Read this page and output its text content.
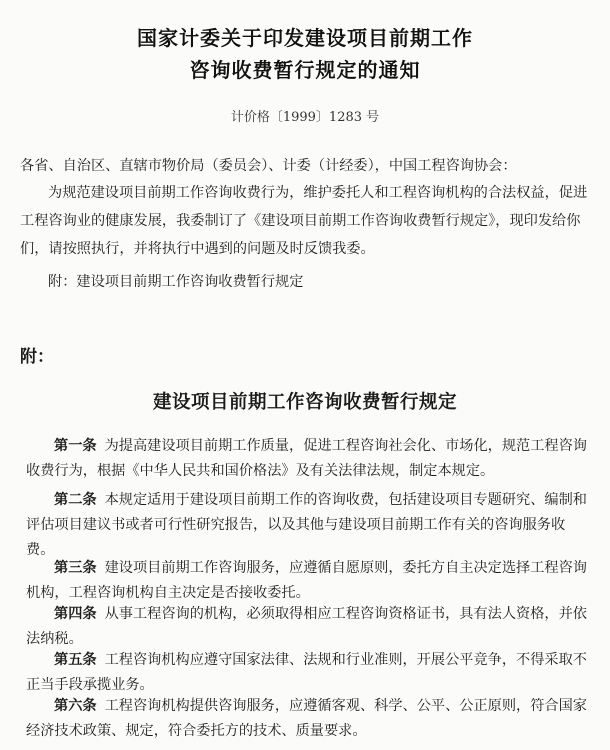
国家计委关于印发建设项目前期工作
咨询收费暂行规定的通知
计价格〔1999〕1283 号
各省、自治区、直辖市物价局（委员会）、计委（计经委），中国工程咨询协会：
为规范建设项目前期工作咨询收费行为，维护委托人和工程咨询机构的合法权益，促进工程咨询业的健康发展，我委制订了《建设项目前期工作咨询收费暂行规定》，现印发给你们，请按照执行，并将执行中遇到的问题及时反馈我委。
附：建设项目前期工作咨询收费暂行规定
附：
建设项目前期工作咨询收费暂行规定
第一条 为提高建设项目前期工作质量，促进工程咨询社会化、市场化，规范工程咨询收费行为，根据《中华人民共和国价格法》及有关法律法规，制定本规定。
第二条 本规定适用于建设项目前期工作的咨询收费，包括建设项目专题研究、编制和评估项目建议书或者可行性研究报告，以及其他与建设项目前期工作有关的咨询服务收费。
第三条 建设项目前期工作咨询服务，应遵循自愿原则，委托方自主决定选择工程咨询机构，工程咨询机构自主决定是否接收委托。
第四条 从事工程咨询的机构，必须取得相应工程咨询资格证书，具有法人资格，并依法纳税。
第五条 工程咨询机构应遵守国家法律、法规和行业准则，开展公平竞争，不得采取不正当手段承揽业务。
第六条 工程咨询机构提供咨询服务，应遵循客观、科学、公平、公正原则，符合国家经济技术政策、规定，符合委托方的技术、质量要求。
